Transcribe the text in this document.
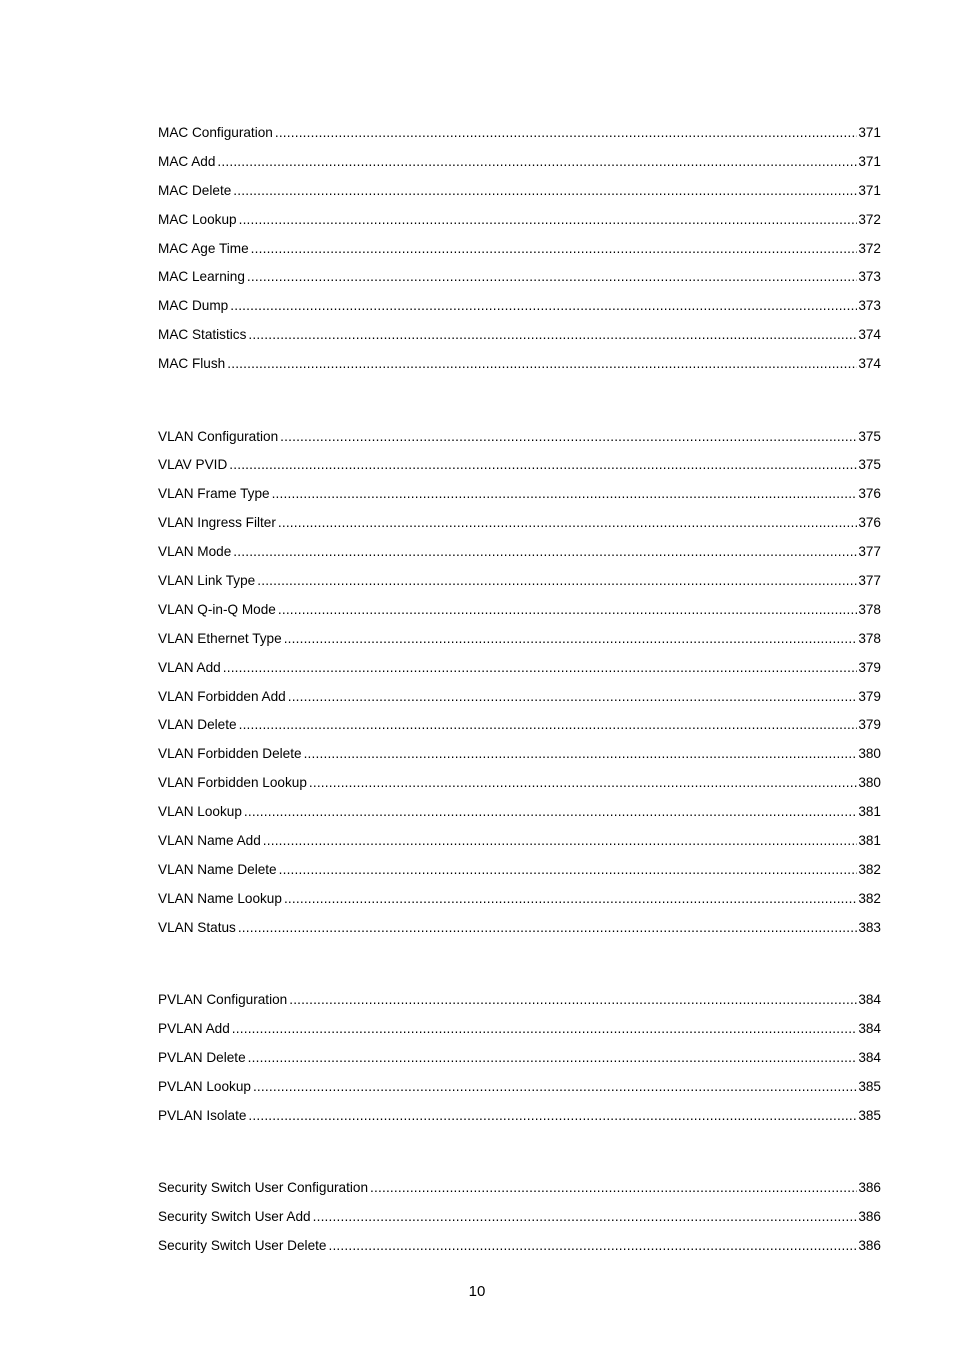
MAC Configuration .....	371
MAC Add .....	371
MAC Delete .....	371
MAC Lookup .....	372
MAC Age Time .....	372
MAC Learning .....	373
MAC Dump .....	373
MAC Statistics .....	374
MAC Flush .....	374
VLAN Configuration .....	375
VLAV PVID .....	375
VLAN Frame Type .....	376
VLAN Ingress Filter .....	376
VLAN Mode .....	377
VLAN Link Type .....	377
VLAN Q-in-Q Mode .....	378
VLAN Ethernet Type .....	378
VLAN Add .....	379
VLAN Forbidden Add .....	379
VLAN Delete .....	379
VLAN Forbidden Delete .....	380
VLAN Forbidden Lookup .....	380
VLAN Lookup .....	381
VLAN Name Add .....	381
VLAN Name Delete .....	382
VLAN Name Lookup .....	382
VLAN Status .....	383
PVLAN Configuration .....	384
PVLAN Add .....	384
PVLAN Delete .....	384
PVLAN Lookup .....	385
PVLAN Isolate .....	385
Security Switch User Configuration .....	386
Security Switch User Add .....	386
Security Switch User Delete .....	386
10
